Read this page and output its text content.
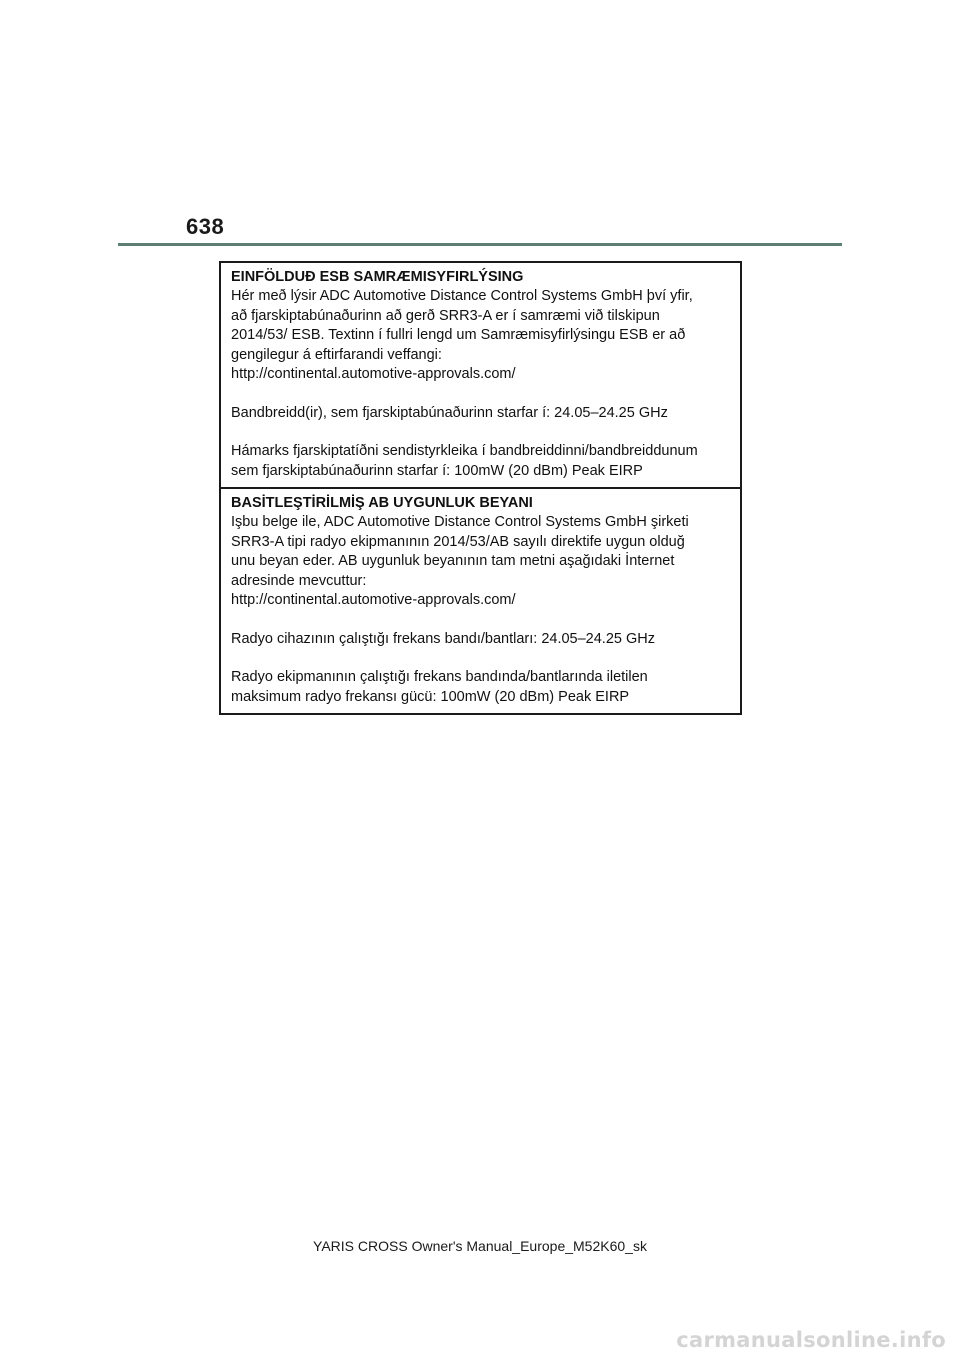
638

EINFÖLDUÐ ESB SAMRÆMISYFIRLÝSING

Hér með lýsir ADC Automotive Distance Control Systems GmbH því yfir,
að fjarskiptabúnaðurinn að gerð SRR3-A er í samræmi við tilskipun
2014/53/ ESB. Textinn í fullri lengd um Samræmisyfirlýsingu ESB er að
gengilegur á eftirfarandi veffangi:
http://continental.automotive-approvals.com/

Bandbreidd(ir), sem fjarskiptabúnaðurinn starfar í: 24.05–24.25 GHz

Hámarks fjarskiptatíðni sendistyrkleika í bandbreiddinni/bandbreiddunum
sem fjarskiptabúnaðurinn starfar í: 100mW (20 dBm) Peak EIRP

BASİTLEŞTİRİLMİŞ AB UYGUNLUK BEYANI

Işbu belge ile, ADC Automotive Distance Control Systems GmbH şirketi
SRR3-A tipi radyo ekipmanının 2014/53/AB sayılı direktife uygun olduğ
unu beyan eder. AB uygunluk beyanının tam metni aşağıdaki İnternet
adresinde mevcuttur:
http://continental.automotive-approvals.com/

Radyo cihazının çalıştığı frekans bandı/bantları: 24.05–24.25 GHz

Radyo ekipmanının çalıştığı frekans bandında/bantlarında iletilen
maksimum radyo frekansı gücü: 100mW (20 dBm) Peak EIRP

YARIS CROSS Owner's Manual_Europe_M52K60_sk
carmanualsonline.info
